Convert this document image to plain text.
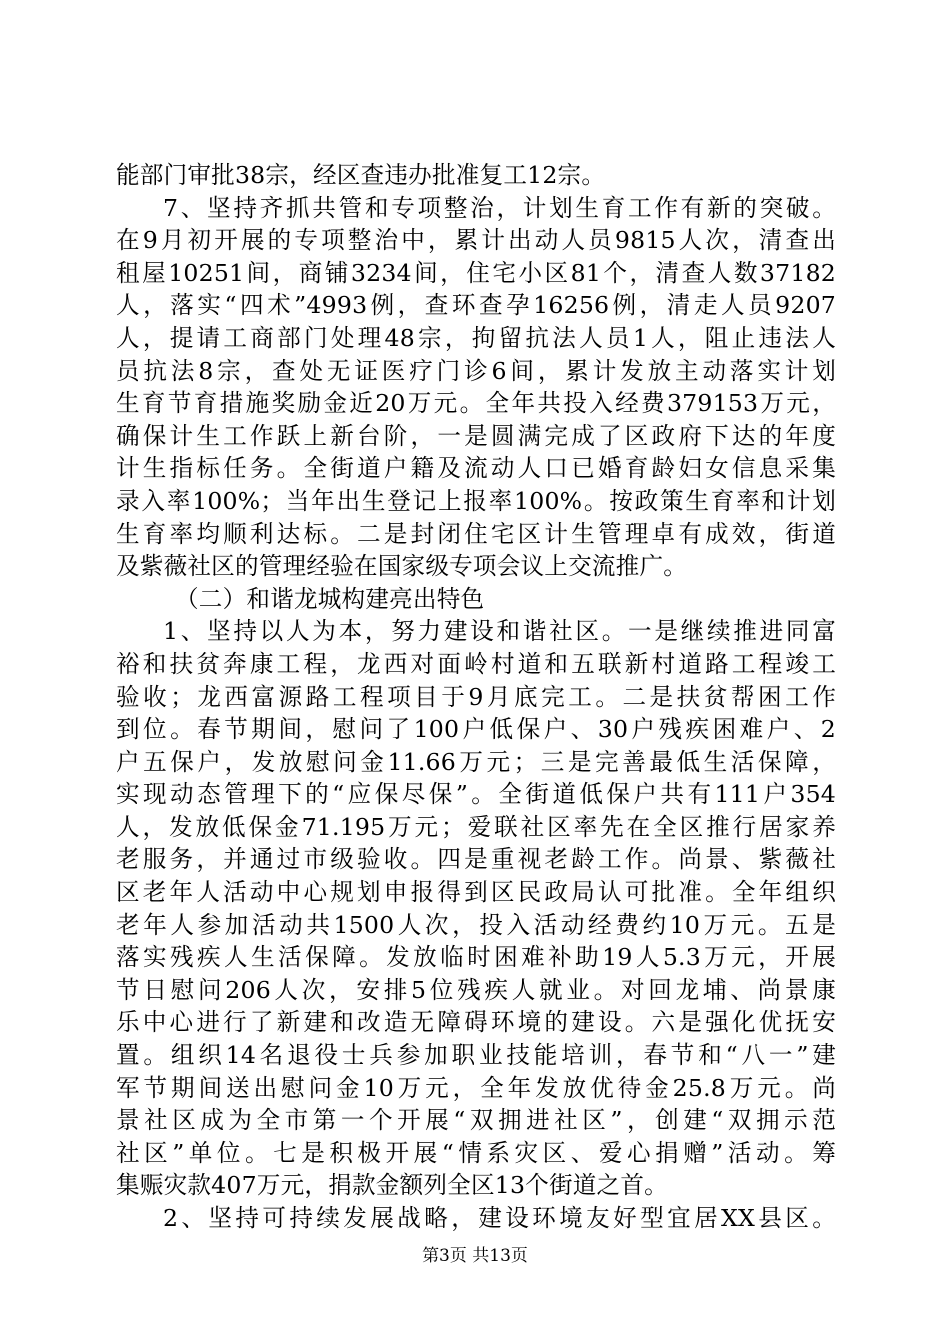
能部门审批38宗，经区查违办批准复工12宗。
7、坚持齐抓共管和专项整治，计划生育工作有新的突破。
在9月初开展的专项整治中，累计出动人员9815人次，清查出
租屋10251间，商铺3234间，住宅小区81个，清查人数37182
人，落实“四术”4993例，查环查孕16256例，清走人员9207
人，提请工商部门处理48宗，拘留抗法人员1人，阻止违法人
员抗法8宗，查处无证医疗门诊6间，累计发放主动落实计划
生育节育措施奖励金近20万元。全年共投入经费379153万元，
确保计生工作跃上新台阶，一是圆满完成了区政府下达的年度
计生指标任务。全街道户籍及流动人口已婚育龄妇女信息采集
录入率100%；当年出生登记上报率100%。按政策生育率和计划
生育率均顺利达标。二是封闭住宅区计生管理卓有成效，街道
及紫薇社区的管理经验在国家级专项会议上交流推广。
（二）和谐龙城构建亮出特色
1、坚持以人为本，努力建设和谐社区。一是继续推进同富
裕和扶贫奔康工程，龙西对面岭村道和五联新村道路工程竣工
验收；龙西富源路工程项目于9月底完工。二是扶贫帮困工作
到位。春节期间，慰问了100户低保户、30户残疾困难户、2
户五保户，发放慰问金11.66万元；三是完善最低生活保障，
实现动态管理下的“应保尽保”。全街道低保户共有111户354
人，发放低保金71.195万元；爱联社区率先在全区推行居家养
老服务，并通过市级验收。四是重视老龄工作。尚景、紫薇社
区老年人活动中心规划申报得到区民政局认可批准。全年组织
老年人参加活动共1500人次，投入活动经费约10万元。五是
落实残疾人生活保障。发放临时困难补助19人5.3万元，开展
节日慰问206人次，安排5位残疾人就业。对回龙埔、尚景康
乐中心进行了新建和改造无障碍环境的建设。六是强化优抚安
置。组织14名退役士兵参加职业技能培训，春节和“八一”建
军节期间送出慰问金10万元，全年发放优待金25.8万元。尚
景社区成为全市第一个开展“双拥进社区”，创建“双拥示范
社区”单位。七是积极开展“情系灾区、爱心捐赠”活动。筹
集赈灾款407万元，捐款金额列全区13个街道之首。
2、坚持可持续发展战略，建设环境友好型宜居XX县区。
第3页 共13页
